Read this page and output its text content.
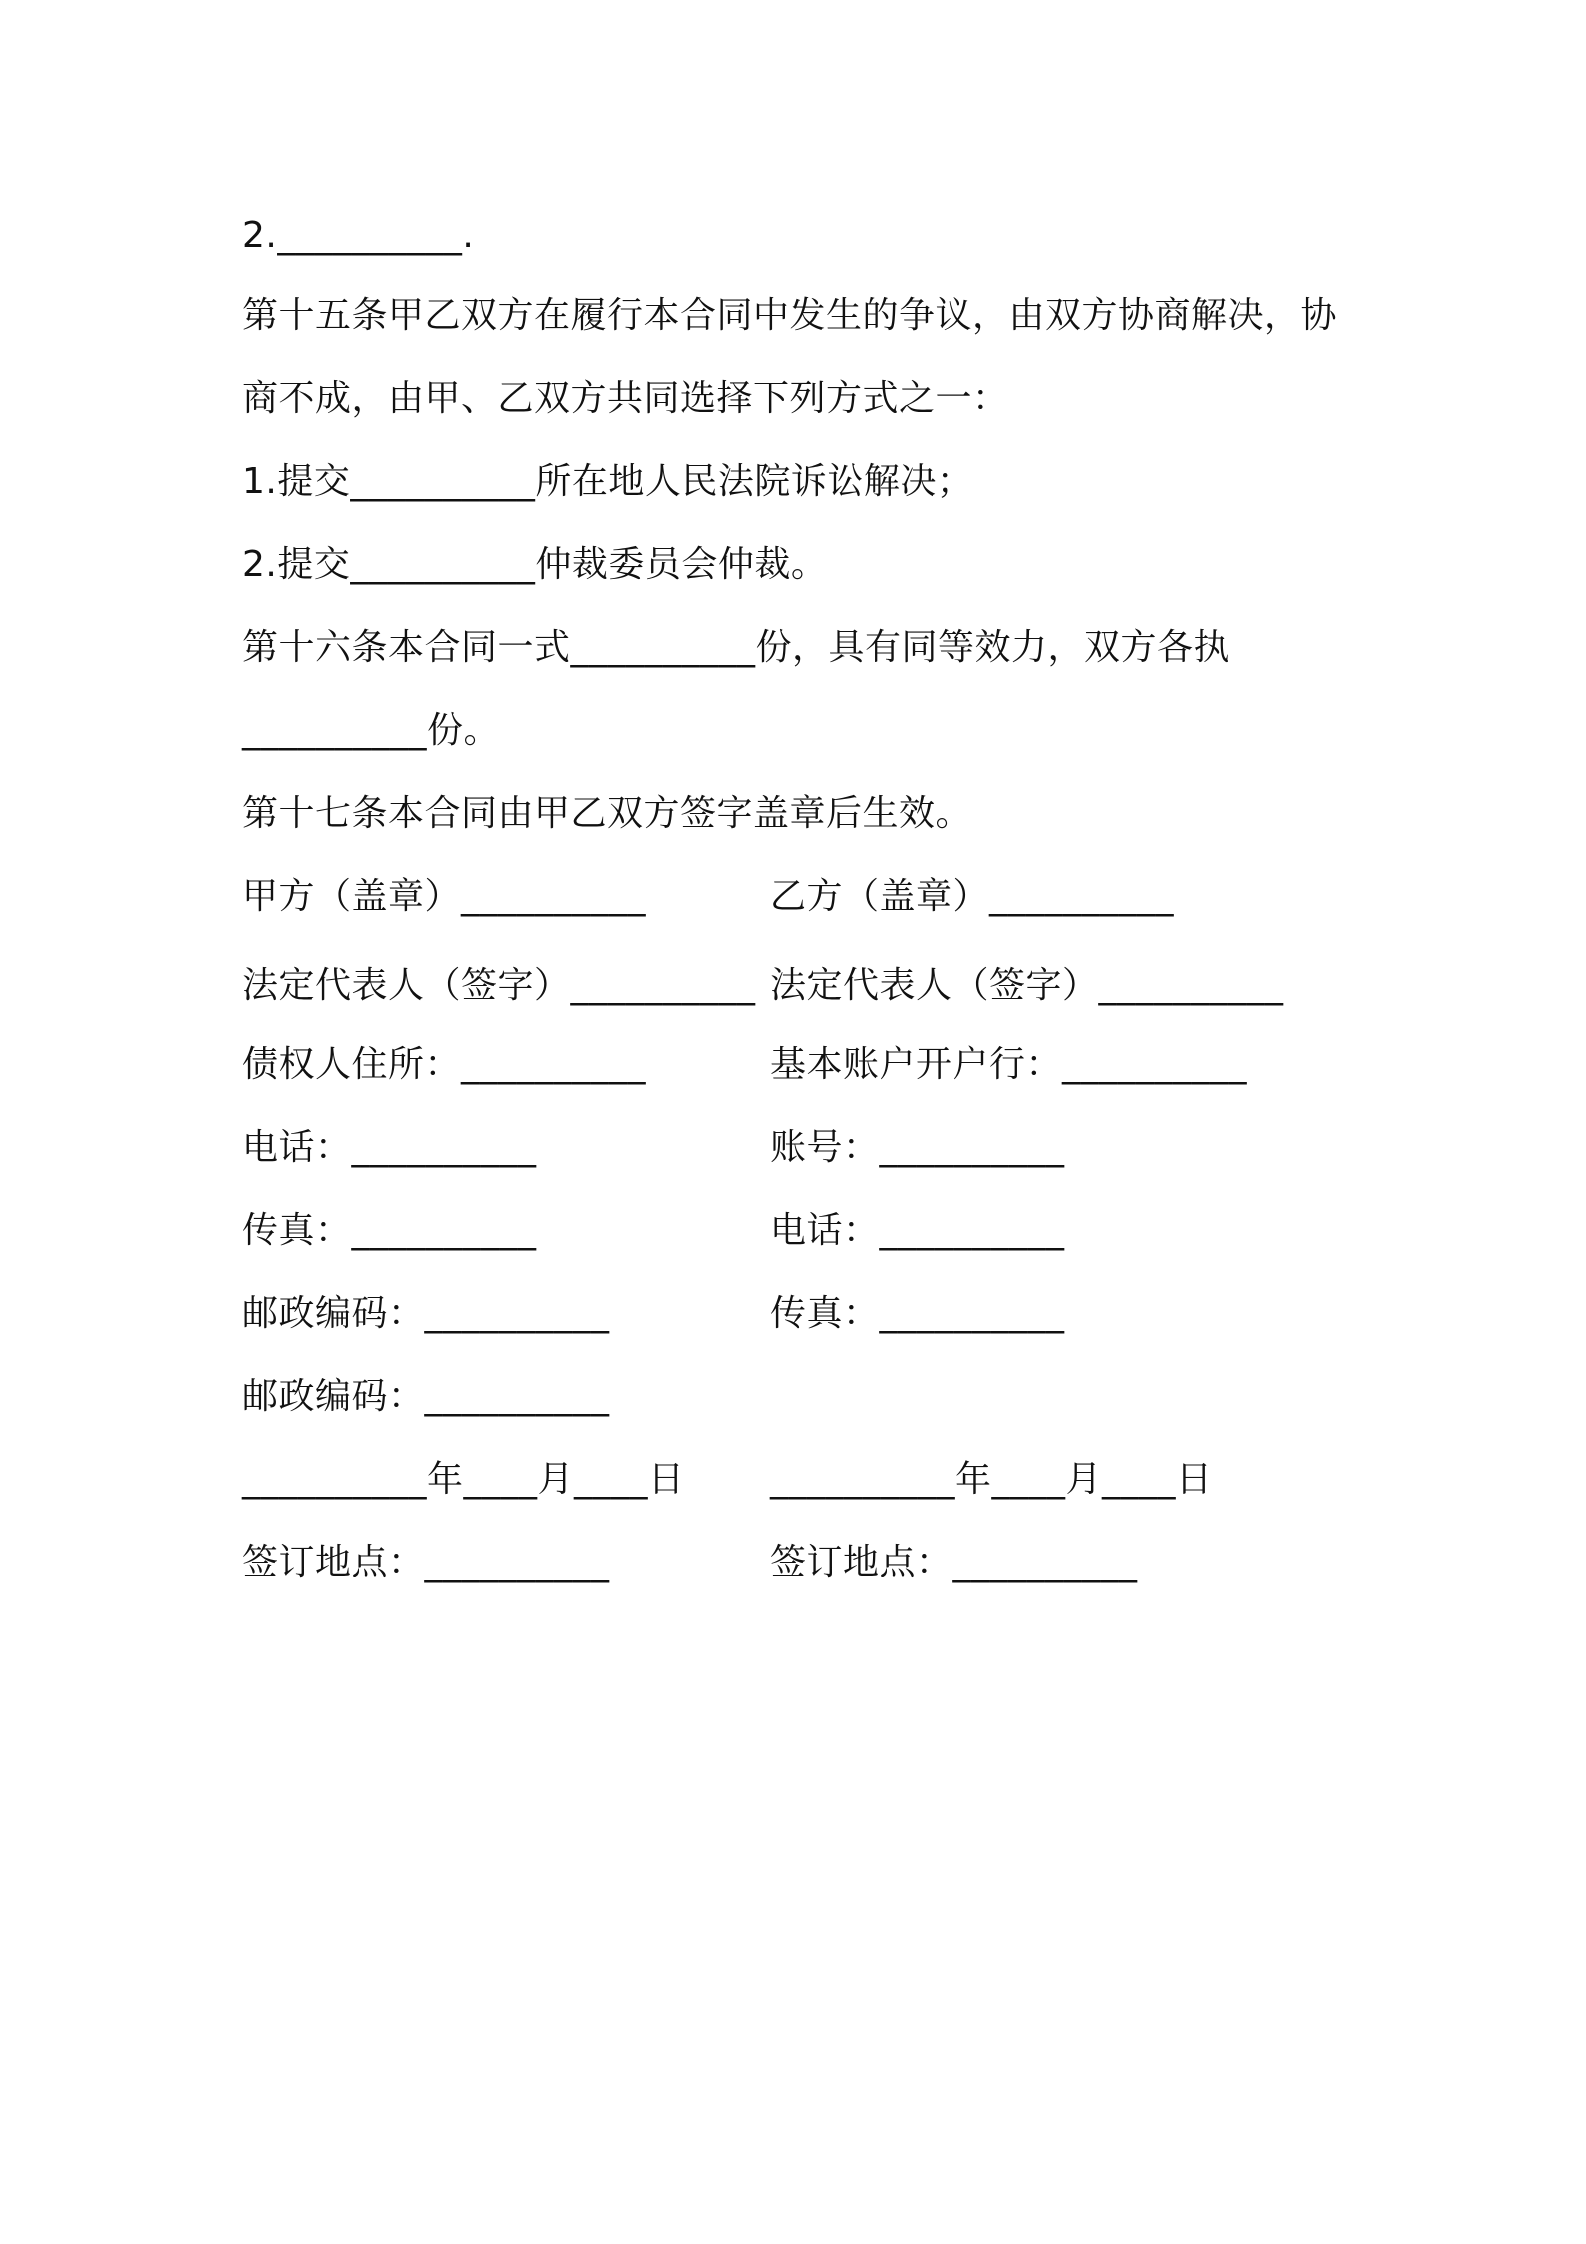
2.__________.
第十五条甲乙双方在履行本合同中发生的争议，由双方协商解决，协
商不成，由甲、乙双方共同选择下列方式之一：
1.提交__________所在地人民法院诉讼解决；
2.提交__________仲裁委员会仲裁。
第十六条本合同一式__________份，具有同等效力，双方各执
__________份。
第十七条本合同由甲乙双方签字盖章后生效。
甲方（盖章）__________
法定代表人（签字）__________
债权人住所：__________
电话：__________
传真：__________
邮政编码：__________
邮政编码：__________
__________年____月____日
签订地点：__________
乙方（盖章）__________
法定代表人（签字）__________
基本账户开户行：__________
账号：__________
电话：__________
传真：__________
__________年____月____日
签订地点：__________
